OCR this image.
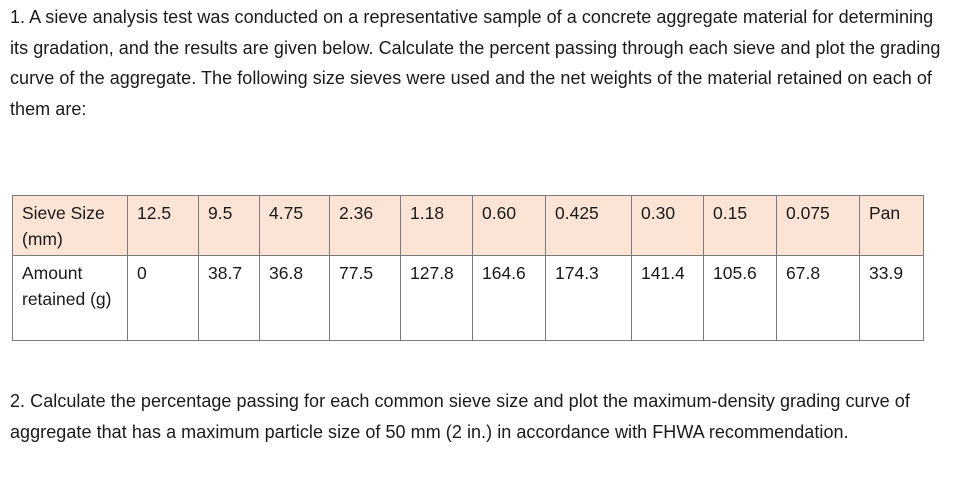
1. A sieve analysis test was conducted on a representative sample of a concrete aggregate material for determining its gradation, and the results are given below. Calculate the percent passing through each sieve and plot the grading curve of the aggregate. The following size sieves were used and the net weights of the material retained on each of them are:

Sieve Size (mm)	12.5	9.5	4.75	2.36	1.18	0.60	0.425	0.30	0.15	0.075	Pan
Amount retained (g)	0	38.7	36.8	77.5	127.8	164.6	174.3	141.4	105.6	67.8	33.9

2. Calculate the percentage passing for each common sieve size and plot the maximum-density grading curve of aggregate that has a maximum particle size of 50 mm (2 in.) in accordance with FHWA recommendation.
